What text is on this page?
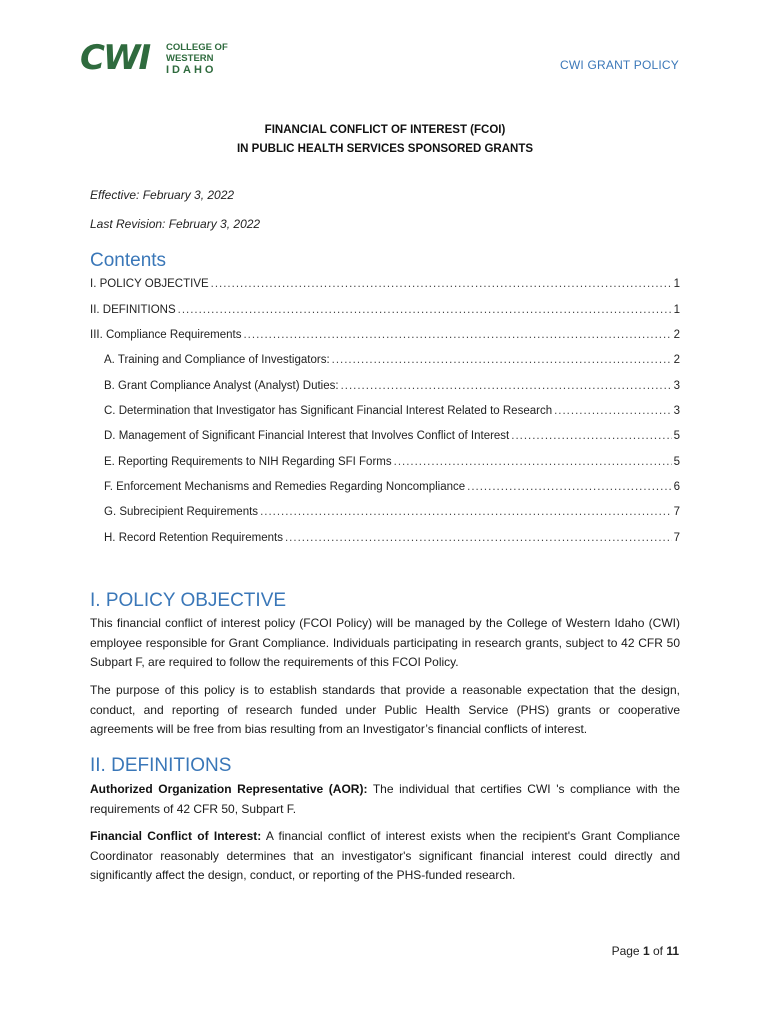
CWI COLLEGE OF
WESTERN
IDAHO	CWI GRANT POLICY
FINANCIAL CONFLICT OF INTEREST (FCOI)
IN PUBLIC HEALTH SERVICES SPONSORED GRANTS
Effective: February 3, 2022
Last Revision: February 3, 2022
Contents
I. POLICY OBJECTIVE .....	1
II. DEFINITIONS .....	1
III. Compliance Requirements .....	2
A. Training and Compliance of Investigators: .....	2
B. Grant Compliance Analyst (Analyst) Duties: .....	3
C. Determination that Investigator has Significant Financial Interest Related to Research .....	3
D. Management of Significant Financial Interest that Involves Conflict of Interest .....	5
E. Reporting Requirements to NIH Regarding SFI Forms .....	5
F. Enforcement Mechanisms and Remedies Regarding Noncompliance .....	6
G. Subrecipient Requirements .....	7
H. Record Retention Requirements .....	7
I. POLICY OBJECTIVE
This financial conflict of interest policy (FCOI Policy) will be managed by the College of Western Idaho (CWI) employee responsible for Grant Compliance. Individuals participating in research grants, subject to 42 CFR 50 Subpart F, are required to follow the requirements of this FCOI Policy.
The purpose of this policy is to establish standards that provide a reasonable expectation that the design, conduct, and reporting of research funded under Public Health Service (PHS) grants or cooperative agreements will be free from bias resulting from an Investigator’s financial conflicts of interest.
II. DEFINITIONS
Authorized Organization Representative (AOR): The individual that certifies CWI 's compliance with the requirements of 42 CFR 50, Subpart F.
Financial Conflict of Interest: A financial conflict of interest exists when the recipient's Grant Compliance Coordinator reasonably determines that an investigator's significant financial interest could directly and significantly affect the design, conduct, or reporting of the PHS-funded research.
Page 1 of 11
